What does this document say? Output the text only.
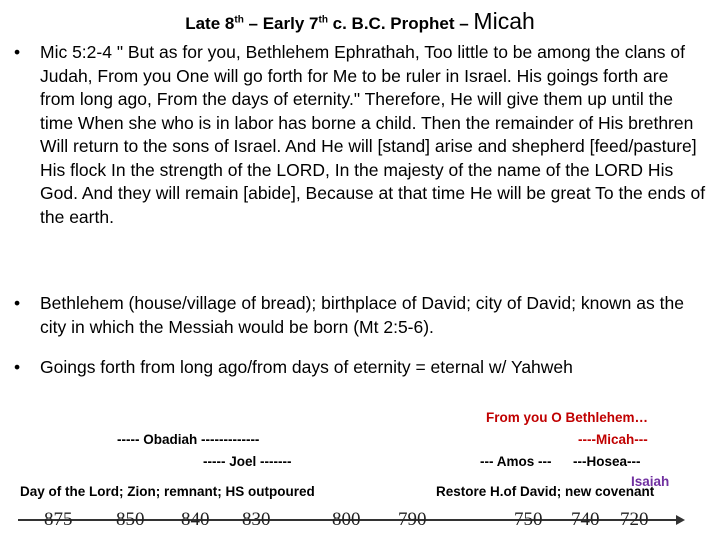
Late 8th – Early 7th c. B.C. Prophet – Micah
• Mic 5:2-4 " But as for you, Bethlehem Ephrathah, Too little to be among the clans of Judah, From you One will go forth for Me to be ruler in Israel. His goings forth are from long ago, From the days of eternity." Therefore, He will give them up until the time When she who is in labor has borne a child. Then the remainder of His brethren Will return to the sons of Israel. And He will [stand] arise and shepherd [feed/pasture] His flock In the strength of the LORD, In the majesty of the name of the LORD His God. And they will remain [abide], Because at that time He will be great To the ends of the earth.
• Bethlehem (house/village of bread); birthplace of David; city of David; known as the city in which the Messiah would be born (Mt 2:5-6).
• Goings forth from long ago/from days of eternity = eternal w/ Yahweh
From you O Bethlehem…
----- Obadiah -------------	----Micah---
----- Joel -------	--- Amos --- ---Hosea---
Isaiah
Day of the Lord; Zion; remnant; HS outpoured	Restore H.of David; new covenant
875 850 840 830	800 790	750 740 720
